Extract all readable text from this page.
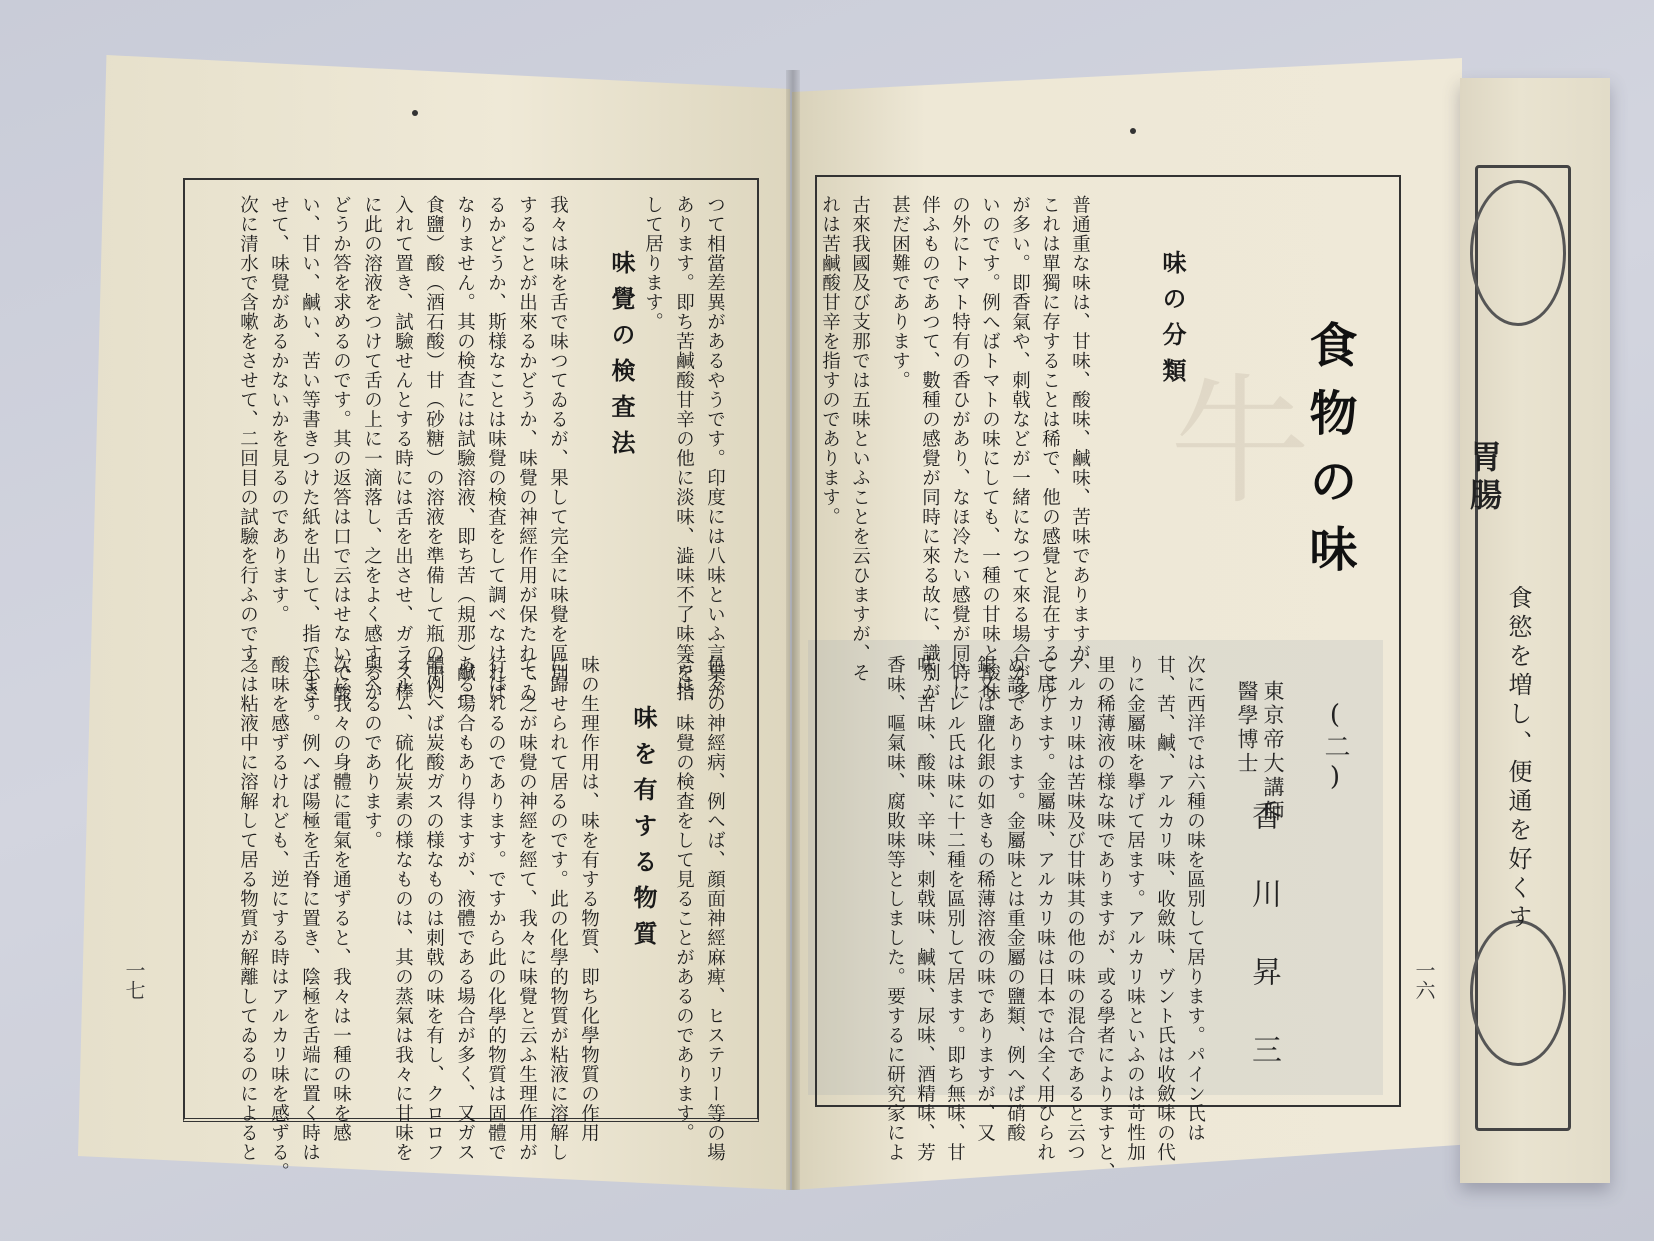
牛
つて相當差異があるやうです。印度には八味といふ言葉が
あります。即ち苦鹹酸甘辛の他に淡味、澁味不了味等を指
して居ります。
我々は味を舌で味つてゐるが、果して完全に味覺を區別
することが出來るかどうか、味覺の神經作用が保たれてゐ
るかどうか、斯様なことは味覺の検査をして調べなければ
なりません。其の検査には試驗溶液、即ち苦（規那）鹹（
食鹽）酸（酒石酸）甘（砂糖）の溶液を準備して瓶の中に
入れて置き、試驗せんとする時には舌を出させ、ガラス棒
に此の溶液をつけて舌の上に一滴落し、之をよく感するか
どうか答を求めるのです。其の返答は口で云はせないで酸
い、甘い、鹹い、苦い等書きつけた紙を出して、指で示さ
せて、味覺があるかないかを見るのであります。
次に清水で含嗽をさせて、二回目の試驗を行ふのです。	味覺の検査法
色々の神經病、例へば、顔面神經麻痺、ヒステリー等の場
合は、味覺の検査をして見ることがあるのであります。
味の生理作用は、味を有する物質、即ち化學物質の作用
に歸せられて居るのです。此の化學的物質が粘液に溶解し
て、之が味覺の神經を經て、我々に味覺と云ふ生理作用が
行はれるのであります。ですから此の化學的物質は固體で
ある場合もあり得ますが、液體である場合が多く、又ガス
體例へば炭酸ガスの様なものは刺戟の味を有し、クロロフ
オルム、硫化炭素の様なものは、其の蒸氣は我々に甘味を
與へるのであります。
次に我々の身體に電氣を通ずると、我々は一種の味を感
じます。例へば陽極を舌脊に置き、陰極を舌端に置く時は
酸味を感ずるけれども、逆にする時はアルカリ味を感ずる。
之は粘液中に溶解して居る物質が解離してゐるのによると	味を有する物質
一七
食物の味
(二)
東京帝大講師
醫學博士
香川昇三
普通重な味は、甘味、酸味、鹹味、苦味でありますが、
これは單獨に存することは稀で、他の感覺と混在すること
が多い。即香氣や、刺戟などが一緒になつて來る場合が多
いのです。例へばトマトの味にしても、一種の甘味と酸味
の外にトマト特有の香ひがあり、なほ冷たい感覺が同時に
伴ふものであつて、數種の感覺が同時に來る故に、識別が
甚だ困難であります。
古來我國及び支那では五味といふことを云ひますが、そ
れは苦鹹酸甘辛を指すのであります。	味の分類
次に西洋では六種の味を區別して居ります。パイン氏は
甘、苦、鹹、アルカリ味、收斂味、ヴント氏は收斂味の代
りに金屬味を擧げて居ます。アルカリ味といふのは苛性加
里の稀薄液の様な味でありますが、或る學者によりますと、
アルカリ味は苦味及び甘味其の他の味の混合であると云つ
て居ります。金屬味、アルカリ味は日本では全く用ひられ
ぬ語であります。金屬味とは重金屬の鹽類、例へば硝酸
銀又は鹽化銀の如きもの稀薄溶液の味でありますが、又
パーレル氏は味に十二種を區別して居ます。即ち無味、甘
味、苦味、酸味、辛味、刺戟味、鹹味、尿味、酒精味、芳
香味、嘔氣味、腐敗味等としました。要するに研究家によ	一六
胃腸
食慾を増し、便通を好くす
